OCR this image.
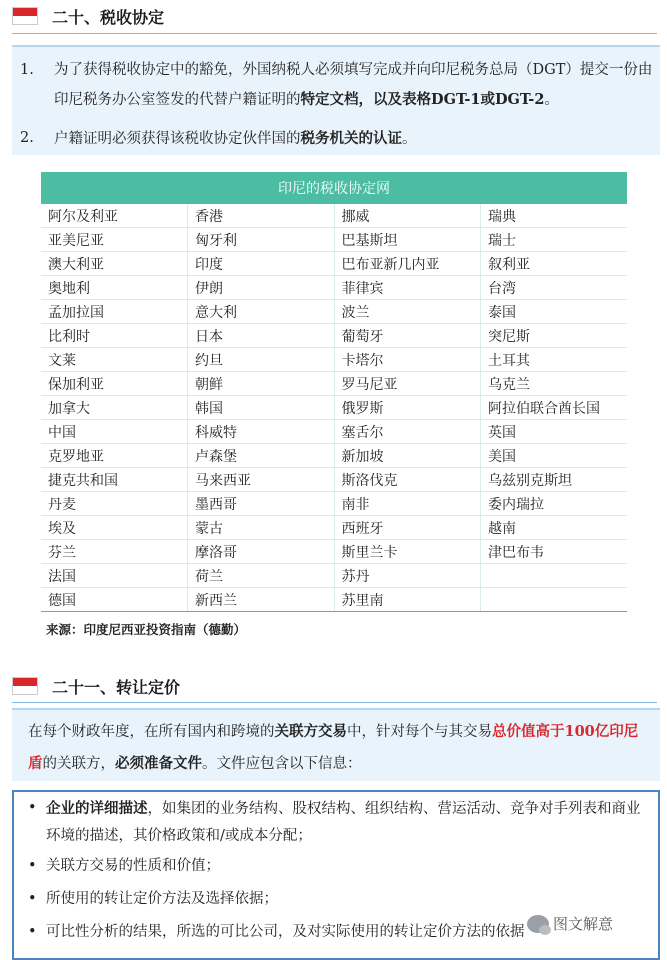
二十、税收协定
1. 为了获得税收协定中的豁免，外国纳税人必须填写完成并向印尼税务总局（DGT）提交一份由印尼税务办公室签发的代替户籍证明的特定文档，以及表格DGT-1或DGT-2。
2. 户籍证明必须获得该税收协定伙伴国的税务机关的认证。
印尼的税收协定网			
阿尔及利亚	香港	挪威	瑞典
亚美尼亚	匈牙利	巴基斯坦	瑞士
澳大利亚	印度	巴布亚新几内亚	叙利亚
奥地利	伊朗	菲律宾	台湾
孟加拉国	意大利	波兰	泰国
比利时	日本	葡萄牙	突尼斯
文莱	约旦	卡塔尔	土耳其
保加利亚	朝鲜	罗马尼亚	乌克兰
加拿大	韩国	俄罗斯	阿拉伯联合酋长国
中国	科威特	塞舌尔	英国
克罗地亚	卢森堡	新加坡	美国
捷克共和国	马来西亚	斯洛伐克	乌兹别克斯坦
丹麦	墨西哥	南非	委内瑞拉
埃及	蒙古	西班牙	越南
芬兰	摩洛哥	斯里兰卡	津巴布韦
法国	荷兰	苏丹	
德国	新西兰	苏里南	
来源：印度尼西亚投资指南（德勤）
二十一、转让定价
在每个财政年度，在所有国内和跨境的关联方交易中，针对每个与其交易总价值高于100亿印尼盾的关联方，必须准备文件。文件应包含以下信息：
• 企业的详细描述，如集团的业务结构、股权结构、组织结构、营运活动、竞争对手列表和商业环境的描述，其价格政策和/或成本分配；
• 关联方交易的性质和价值；
• 所使用的转让定价方法及选择依据；
• 可比性分析的结果，所选的可比公司，及对实际使用的转让定价方法的依据	图文解意
